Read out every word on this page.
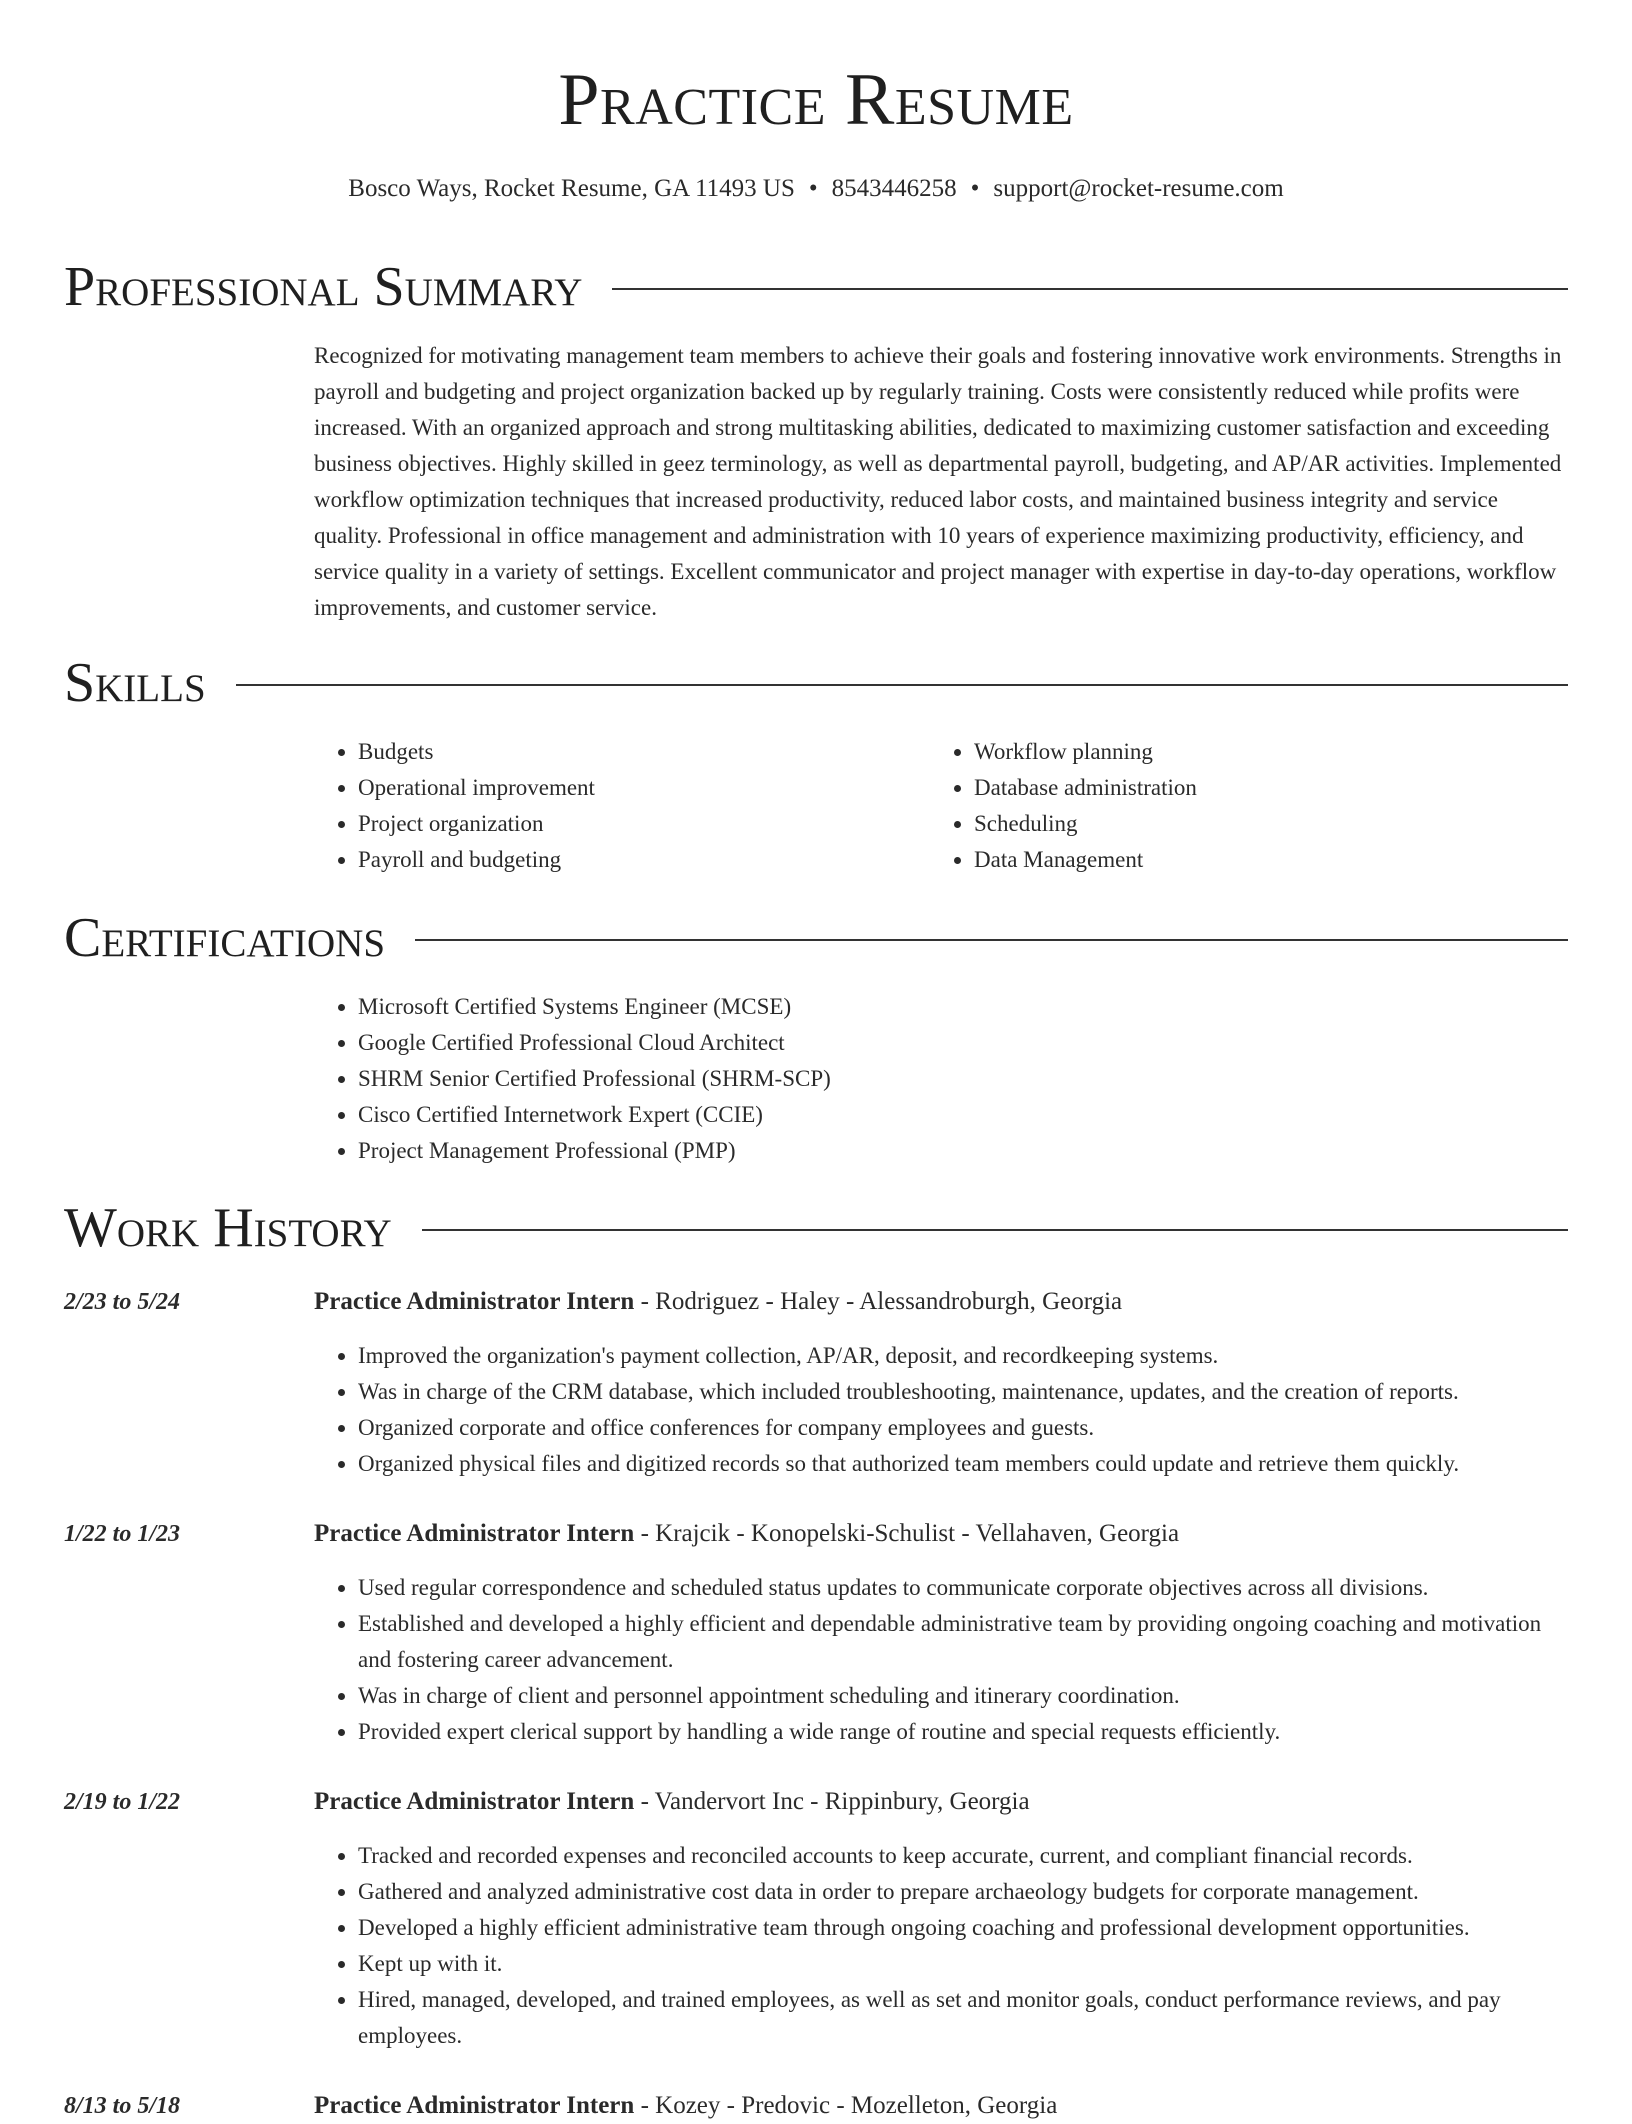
Practice Resume
Bosco Ways, Rocket Resume, GA 11493 US • 8543446258 • support@rocket-resume.com
Professional Summary

Recognized for motivating management team members to achieve their goals and fostering innovative work environments. Strengths in payroll and budgeting and project organization backed up by regularly training. Costs were consistently reduced while profits were increased. With an organized approach and strong multitasking abilities, dedicated to maximizing customer satisfaction and exceeding business objectives. Highly skilled in geez terminology, as well as departmental payroll, budgeting, and AP/AR activities. Implemented workflow optimization techniques that increased productivity, reduced labor costs, and maintained business integrity and service quality. Professional in office management and administration with 10 years of experience maximizing productivity, efficiency, and service quality in a variety of settings. Excellent communicator and project manager with expertise in day-to-day operations, workflow improvements, and customer service.

Skills
• Budgets
• Operational improvement
• Project organization
• Payroll and budgeting
• Workflow planning
• Database administration
• Scheduling
• Data Management
Certifications
• Microsoft Certified Systems Engineer (MCSE)
• Google Certified Professional Cloud Architect
• SHRM Senior Certified Professional (SHRM-SCP)
• Cisco Certified Internetwork Expert (CCIE)
• Project Management Professional (PMP)
Work History
2/23 to 5/24	Practice Administrator Intern - Rodriguez - Haley - Alessandroburgh, Georgia
• Improved the organization's payment collection, AP/AR, deposit, and recordkeeping systems.
• Was in charge of the CRM database, which included troubleshooting, maintenance, updates, and the creation of reports.
• Organized corporate and office conferences for company employees and guests.
• Organized physical files and digitized records so that authorized team members could update and retrieve them quickly.
1/22 to 1/23	Practice Administrator Intern - Krajcik - Konopelski-Schulist - Vellahaven, Georgia
• Used regular correspondence and scheduled status updates to communicate corporate objectives across all divisions.
• Established and developed a highly efficient and dependable administrative team by providing ongoing coaching and motivation and fostering career advancement.
• Was in charge of client and personnel appointment scheduling and itinerary coordination.
• Provided expert clerical support by handling a wide range of routine and special requests efficiently.
2/19 to 1/22	Practice Administrator Intern - Vandervort Inc - Rippinbury, Georgia
• Tracked and recorded expenses and reconciled accounts to keep accurate, current, and compliant financial records.
• Gathered and analyzed administrative cost data in order to prepare archaeology budgets for corporate management.
• Developed a highly efficient administrative team through ongoing coaching and professional development opportunities.
• Kept up with it.
• Hired, managed, developed, and trained employees, as well as set and monitor goals, conduct performance reviews, and pay employees.
8/13 to 5/18	Practice Administrator Intern - Kozey - Predovic - Mozelleton, Georgia
